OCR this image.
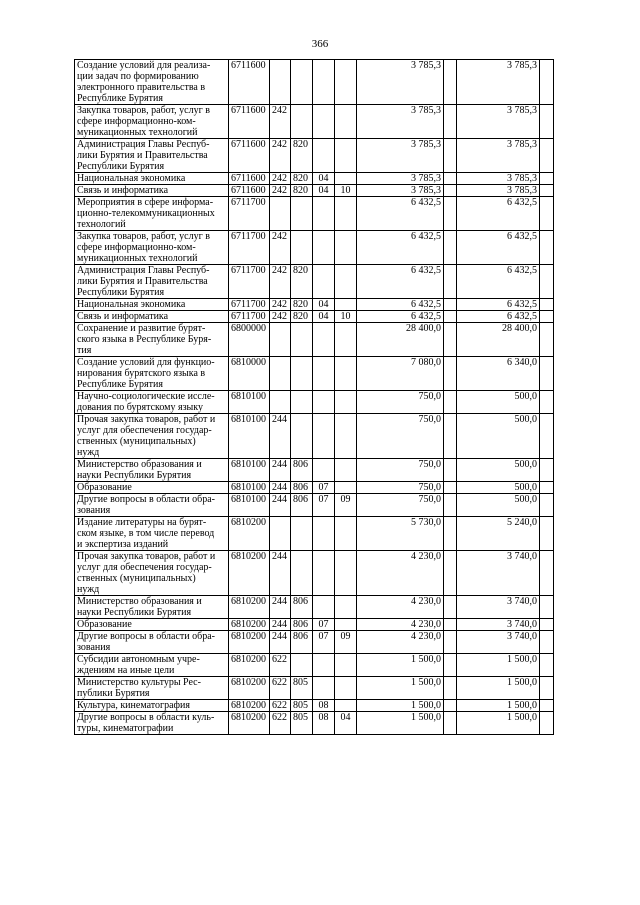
366
Создание условий для реализа-
ции задач по формированию
электронного правительства в
Республике Бурятия	6711600					3 785,3		3 785,3	
Закупка товаров, работ, услуг в
сфере информационно-ком-
муникационных технологий	6711600	242				3 785,3		3 785,3	
Администрация Главы Респуб-
лики Бурятия и Правительства
Республики Бурятия	6711600	242	820			3 785,3		3 785,3	
Национальная экономика	6711600	242	820	04		3 785,3		3 785,3	
Связь и информатика	6711600	242	820	04	10	3 785,3		3 785,3	
Мероприятия в сфере информа-
ционно-телекоммуникационных
технологий	6711700					6 432,5		6 432,5	
Закупка товаров, работ, услуг в
сфере информационно-ком-
муникационных технологий	6711700	242				6 432,5		6 432,5	
Администрация Главы Респуб-
лики Бурятия и Правительства
Республики Бурятия	6711700	242	820			6 432,5		6 432,5	
Национальная экономика	6711700	242	820	04		6 432,5		6 432,5	
Связь и информатика	6711700	242	820	04	10	6 432,5		6 432,5	
Сохранение и развитие бурят-
ского языка в Республике Буря-
тия	6800000					28 400,0		28 400,0	
Создание условий для функцио-
нирования бурятского языка в
Республике Бурятия	6810000					7 080,0		6 340,0	
Научно-социологические иссле-
дования по бурятскому языку	6810100					750,0		500,0	
Прочая закупка товаров, работ и
услуг для обеспечения государ-
ственных (муниципальных)
нужд	6810100	244				750,0		500,0	
Министерство образования и
науки Республики Бурятия	6810100	244	806			750,0		500,0	
Образование	6810100	244	806	07		750,0		500,0	
Другие вопросы в области обра-
зования	6810100	244	806	07	09	750,0		500,0	
Издание литературы на бурят-
ском языке, в том числе перевод
и экспертиза изданий	6810200					5 730,0		5 240,0	
Прочая закупка товаров, работ и
услуг для обеспечения государ-
ственных (муниципальных)
нужд	6810200	244				4 230,0		3 740,0	
Министерство образования и
науки Республики Бурятия	6810200	244	806			4 230,0		3 740,0	
Образование	6810200	244	806	07		4 230,0		3 740,0	
Другие вопросы в области обра-
зования	6810200	244	806	07	09	4 230,0		3 740,0	
Субсидии автономным учре-
ждениям на иные цели	6810200	622				1 500,0		1 500,0	
Министерство культуры Рес-
публики Бурятия	6810200	622	805			1 500,0		1 500,0	
Культура, кинематография	6810200	622	805	08		1 500,0		1 500,0	
Другие вопросы в области куль-
туры, кинематографии	6810200	622	805	08	04	1 500,0		1 500,0	
